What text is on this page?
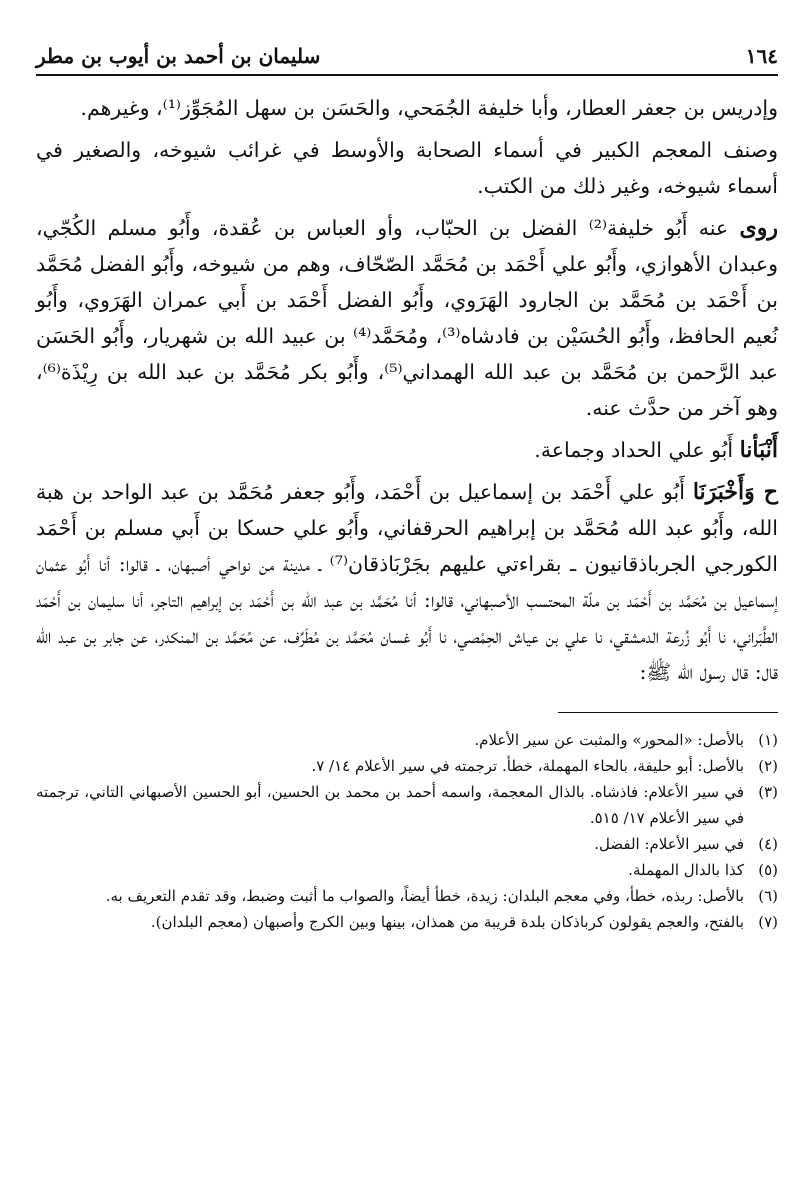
١٦٤
سليمان بن أحمد بن أيوب بن مطر

وإدريس بن جعفر العطار، وأبا خليفة الجُمَحي، والحَسَن بن سهل المُجَوِّز⁽¹⁾، وغيرهم.

وصنف المعجم الكبير في أسماء الصحابة والأوسط في غرائب شيوخه، والصغير في أسماء شيوخه، وغير ذلك من الكتب.

روى عنه أَبُو خليفة⁽²⁾ الفضل بن الحبّاب، وأو العباس بن عُقدة، وأَبُو مسلم الكُجّي، وعبدان الأهوازي، وأَبُو علي أَحْمَد بن مُحَمَّد الصّحّاف، وهم من شيوخه، وأَبُو الفضل مُحَمَّد بن أَحْمَد بن مُحَمَّد بن الجارود الهَرَوي، وأَبُو الفضل أَحْمَد بن أَبي عمران الهَرَوي، وأَبُو نُعيم الحافظ، وأَبُو الحُسَيْن بن فادشاه⁽³⁾، ومُحَمَّد⁽⁴⁾ بن عبيد الله بن شهريار، وأَبُو الحَسَن عبد الرَّحمن بن مُحَمَّد بن عبد الله الهمداني⁽⁵⁾، وأَبُو بكر مُحَمَّد بن عبد الله بن رِيْذَة⁽⁶⁾، وهو آخر من حدَّث عنه.

أَنْبَأنا أَبُو علي الحداد وجماعة.

ح وَأَخْبَرَنَا أَبُو علي أَحْمَد بن إسماعيل بن أَحْمَد، وأَبُو جعفر مُحَمَّد بن عبد الواحد بن هبة الله، وأَبُو عبد الله مُحَمَّد بن إبراهيم الحرقفاني، وأَبُو علي حسكا بن أَبي مسلم بن أَحْمَد الكورجي الجرباذقانيون ـ بقراءتي عليهم بجَرْبَاذقان⁽⁷⁾ ـ مدينة من نواحي أصبهان، ـ قالوا: أنا أَبُو عثمان إسماعيل بن مُحَمَّد بن أَحْمَد بن ملّة المحتسب الأصبهاني، قالوا: أنا مُحَمَّد بن عبد الله بن أَحْمَد بن إبراهيم التاجر، أنا سليمان بن أَحْمَد الطَّبَراني، نا أَبُو زُرعة الدمشقي، نا علي بن عياش الحِمْصي، نا أَبُو غسان مُحَمَّد بن مُطَرِّف، عن مُحَمَّد بن المنكدر، عن جابر بن عبد الله قال: قال رسول الله ﷺ:

(١)
بالأصل: «المحور» والمثبت عن سير الأعلام.
(٢)
بالأصل: أبو حليفة، بالحاء المهملة، خطأ. ترجمته في سير الأعلام ١٤/ ٧.
(٣)
في سير الأعلام: فاذشاه. بالذال المعجمة، واسمه أحمد بن محمد بن الحسين، أبو الحسين الأصبهاني التاني، ترجمته في سير الأعلام ١٧/ ٥١٥.
(٤)
في سير الأعلام: الفضل.
(٥)
كذا بالدال المهملة.
(٦)
بالأصل: ربذه، خطأ، وفي معجم البلدان: زيدة، خطأ أيضاً، والصواب ما أثبت وضبط، وقد تقدم التعريف به.
(٧)
بالفتح، والعجم يقولون كرباذكان بلدة قريبة من همذان، بينها وبين الكرج وأصبهان (معجم البلدان).
